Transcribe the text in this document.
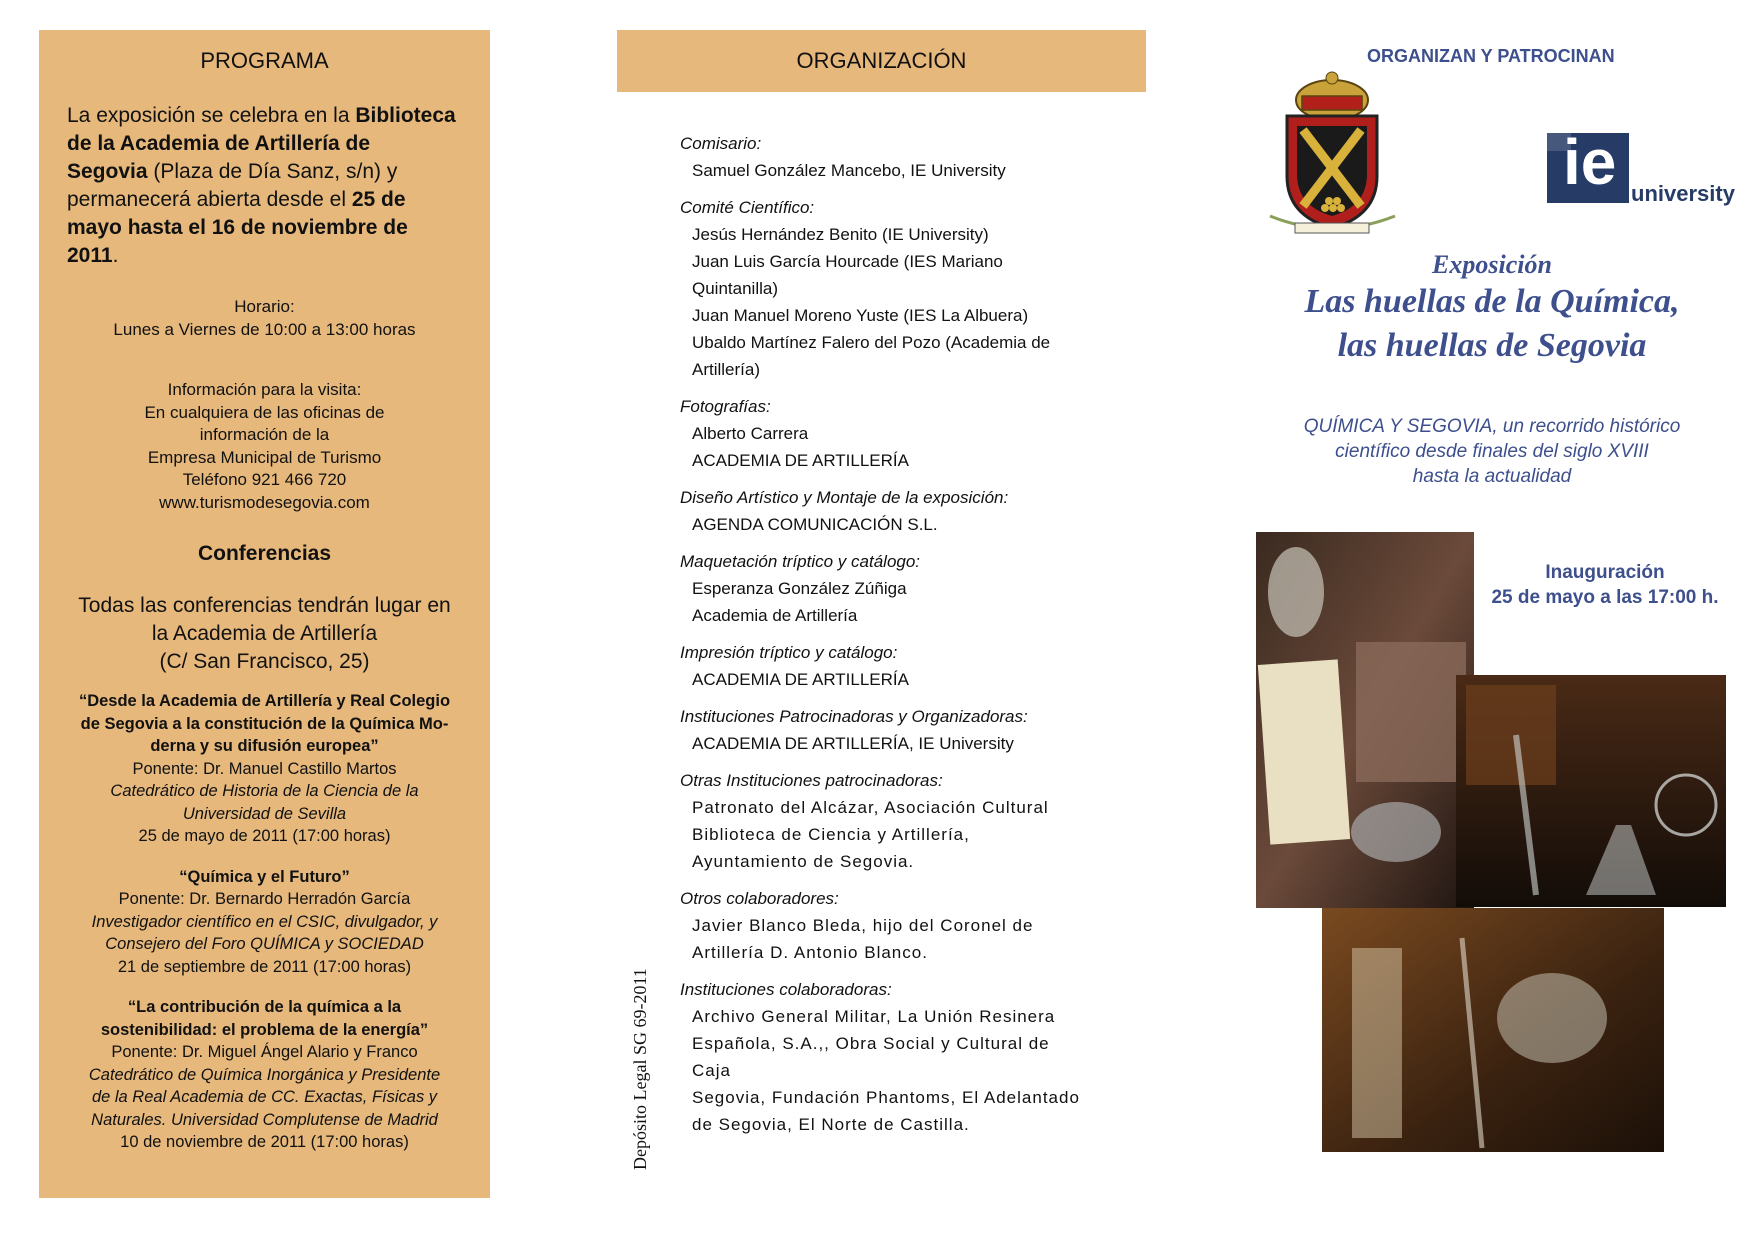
PROGRAMA

La exposición se celebra en la Biblioteca de la Academia de Artillería de Segovia (Plaza de Día Sanz, s/n) y permanecerá abierta desde el 25 de mayo hasta el 16 de noviembre de 2011.

Horario:
Lunes a Viernes de 10:00 a 13:00 horas
Información para la visita:
En cualquiera de las oficinas de
información de la
Empresa Municipal de Turismo
Teléfono 921 466 720
www.turismodesegovia.com
Conferencias
Todas las conferencias tendrán lugar en
la Academia de Artillería
(C/ San Francisco, 25)
“Desde la Academia de Artillería y Real Colegio
de Segovia a la constitución de la Química Mo-
derna y su difusión europea”
Ponente: Dr. Manuel Castillo Martos
Catedrático de Historia de la Ciencia de la
Universidad de Sevilla
25 de mayo de 2011 (17:00 horas)
“Química y el Futuro”
Ponente: Dr. Bernardo Herradón García
Investigador científico en el CSIC, divulgador, y
Consejero del Foro QUÍMICA y SOCIEDAD
21 de septiembre de 2011 (17:00 horas)
“La contribución de la química a la
sostenibilidad: el problema de la energía”
Ponente: Dr. Miguel Ángel Alario y Franco
Catedrático de Química Inorgánica y Presidente
de la Real Academia de CC. Exactas, Físicas y
Naturales. Universidad Complutense de Madrid
10 de noviembre de 2011 (17:00 horas)
ORGANIZACIÓN
Comisario:
Samuel González Mancebo, IE University
Comité Científico:
Jesús Hernández Benito (IE University)
Juan Luis García Hourcade (IES Mariano
Quintanilla)
Juan Manuel Moreno Yuste (IES La Albuera)
Ubaldo Martínez Falero del Pozo (Academia de
Artillería)
Fotografías:
Alberto Carrera
ACADEMIA DE ARTILLERÍA
Diseño Artístico y Montaje de la exposición:
AGENDA COMUNICACIÓN S.L.
Maquetación tríptico y catálogo:
Esperanza González Zúñiga
Academia de Artillería
Impresión tríptico y catálogo:
ACADEMIA DE ARTILLERÍA
Instituciones Patrocinadoras y Organizadoras:
ACADEMIA DE ARTILLERÍA, IE University
Otras Instituciones patrocinadoras:
Patronato del Alcázar, Asociación Cultural
Biblioteca de Ciencia y Artillería,
Ayuntamiento de Segovia.
Otros colaboradores:
Javier Blanco Bleda, hijo del Coronel de
Artillería D. Antonio Blanco.
Instituciones colaboradoras:
Archivo General Militar, La Unión Resinera
Española, S.A.,, Obra Social y Cultural de Caja
Segovia, Fundación Phantoms, El Adelantado
de Segovia, El Norte de Castilla.
Depósito Legal SG 69-2011
ORGANIZAN Y PATROCINAN
ie university
Exposición
Las huellas de la Química,
las huellas de Segovia
QUÍMICA Y SEGOVIA, un recorrido histórico
científico desde finales del siglo XVIII
hasta la actualidad
Inauguración
25 de mayo a las 17:00 h.
